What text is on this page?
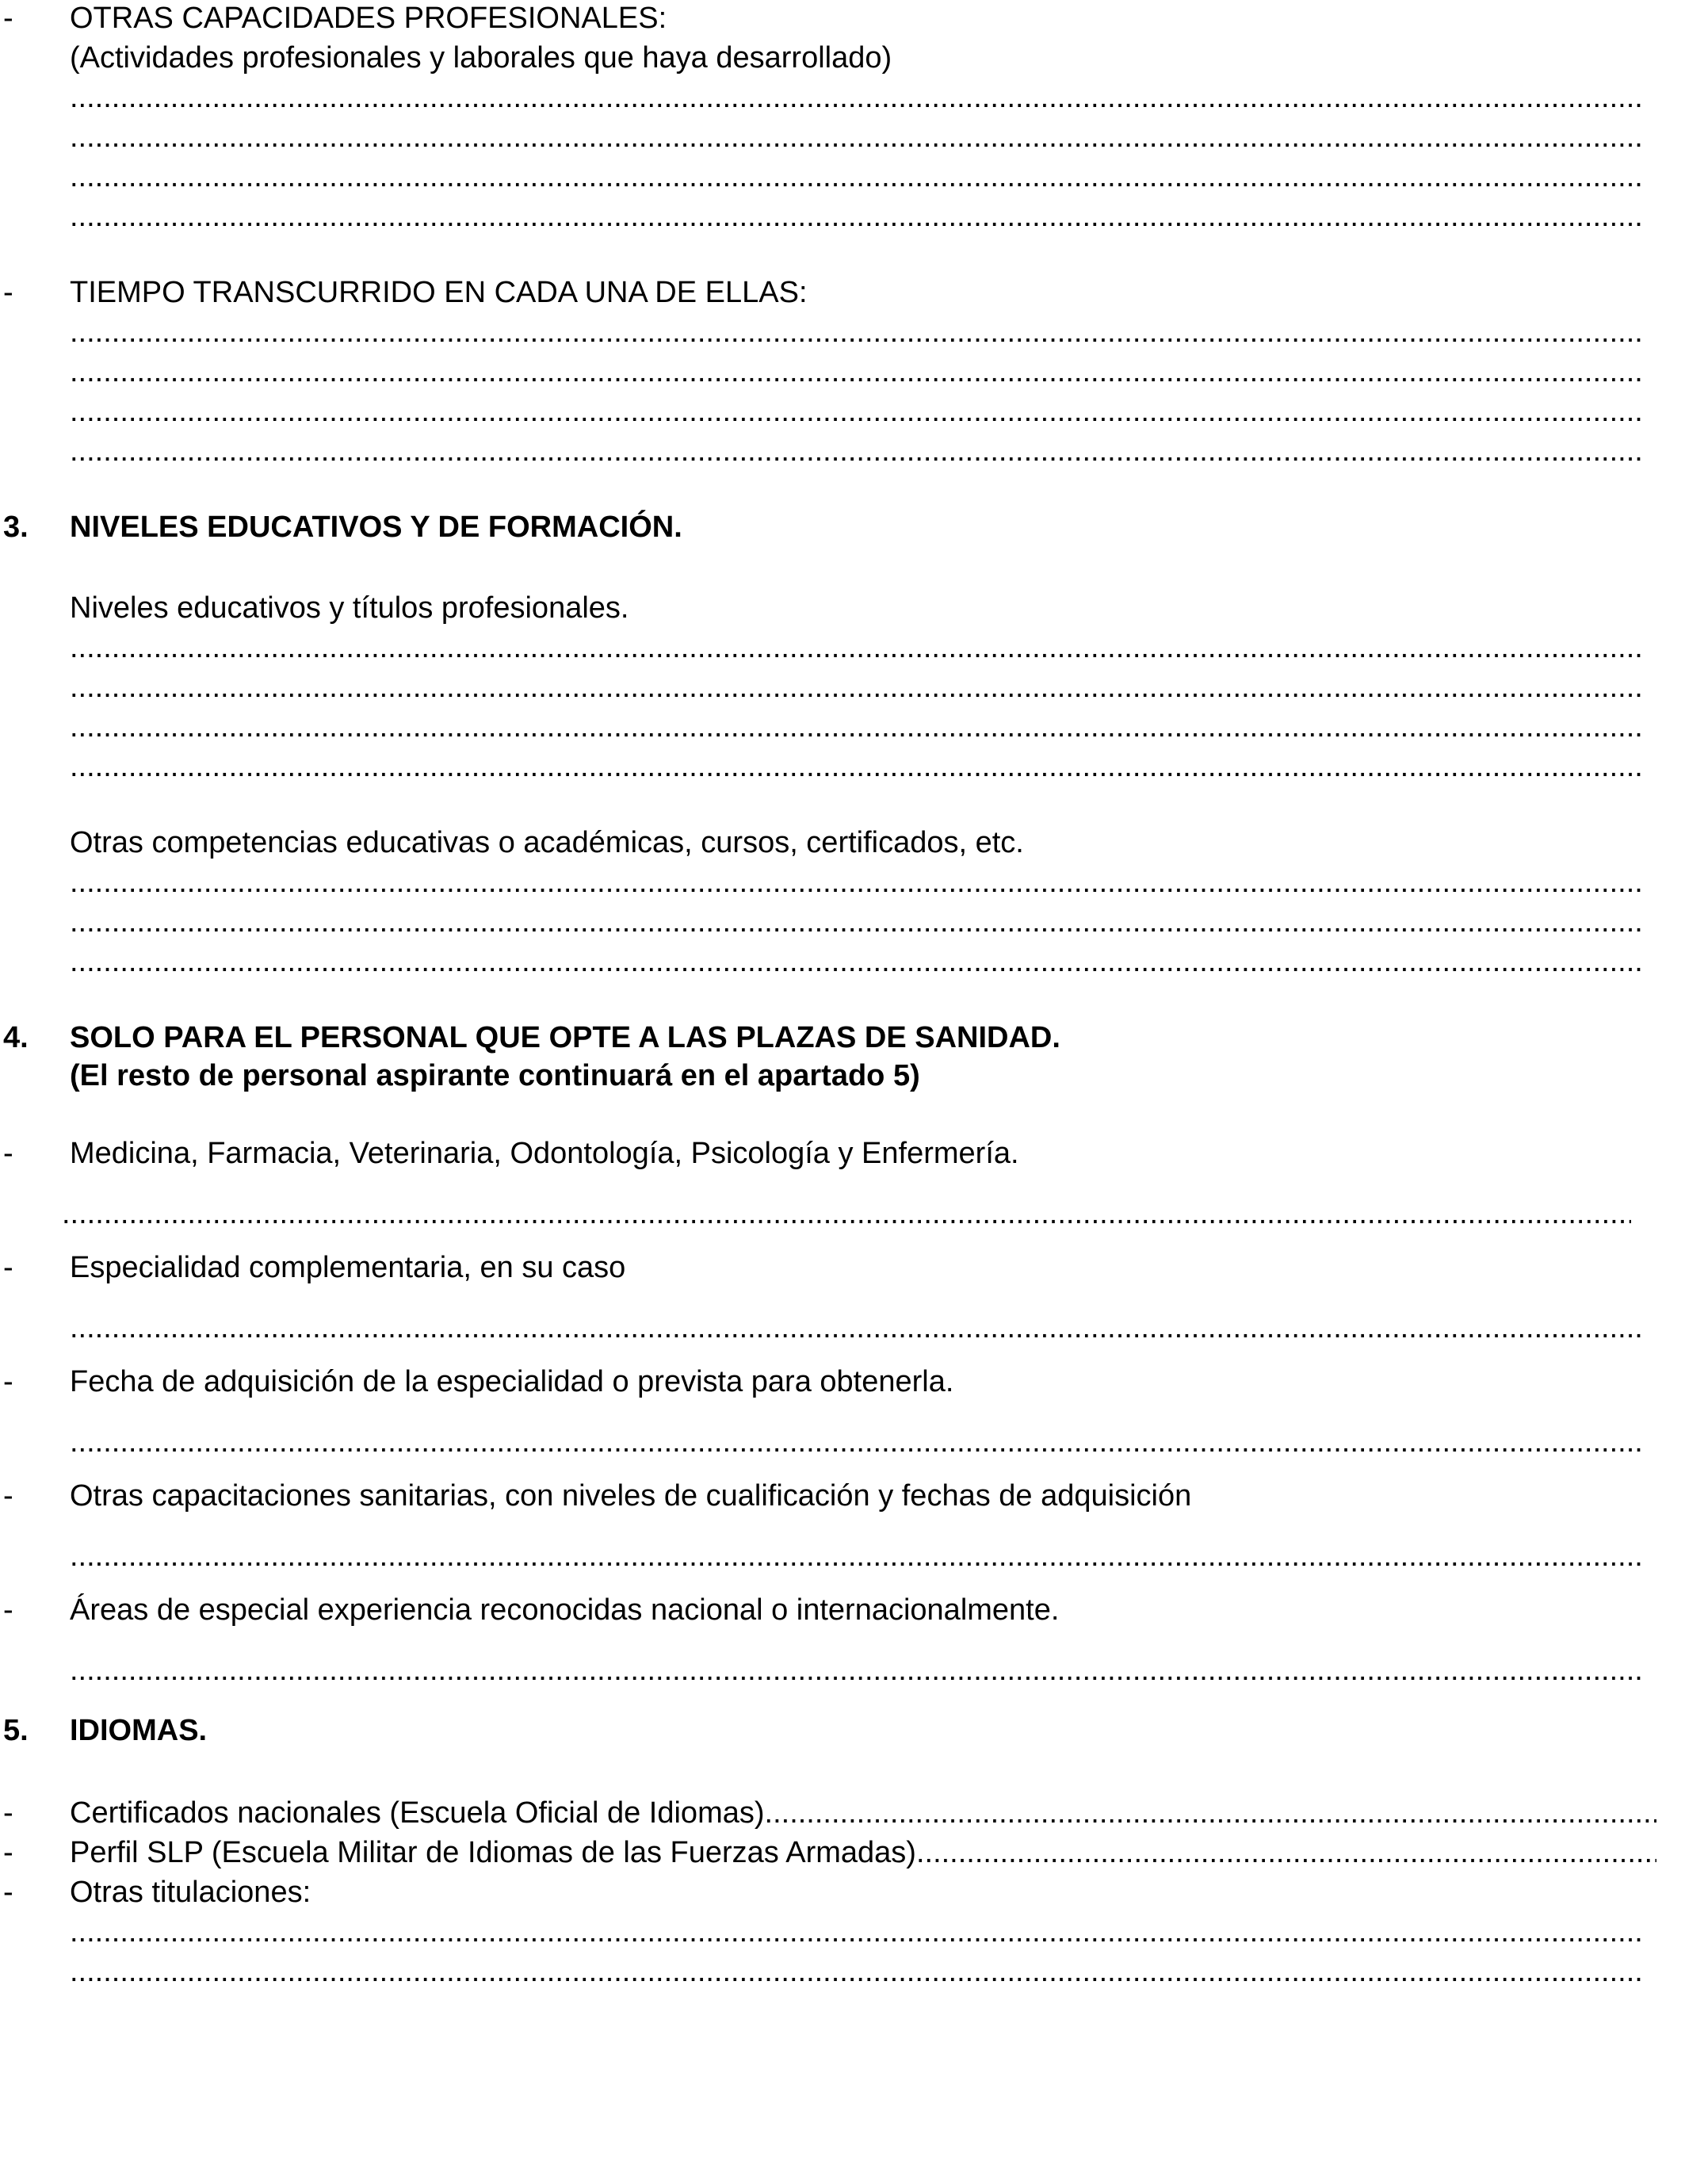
- OTRAS CAPACIDADES PROFESIONALES:
(Actividades profesionales y laborales que haya desarrollado)
.....
.....
.....
.....
- TIEMPO TRANSCURRIDO EN CADA UNA DE ELLAS:
.....
.....
.....
.....
3. NIVELES EDUCATIVOS Y DE FORMACIÓN.
Niveles educativos y títulos profesionales.
.....
.....
.....
.....
Otras competencias educativas o académicas, cursos, certificados, etc.
.....
.....
.....
4. SOLO PARA EL PERSONAL QUE OPTE A LAS PLAZAS DE SANIDAD.
(El resto de personal aspirante continuará en el apartado 5)
- Medicina, Farmacia, Veterinaria, Odontología, Psicología y Enfermería.
.....
- Especialidad complementaria, en su caso
.....
- Fecha de adquisición de la especialidad o prevista para obtenerla.
.....
- Otras capacitaciones sanitarias, con niveles de cualificación y fechas de adquisición
.....
- Áreas de especial experiencia reconocidas nacional o internacionalmente.
.....
5. IDIOMAS.
- Certificados nacionales (Escuela Oficial de Idiomas)
.....
- Perfil SLP (Escuela Militar de Idiomas de las Fuerzas Armadas)
.....
- Otras titulaciones:
.....
.....
